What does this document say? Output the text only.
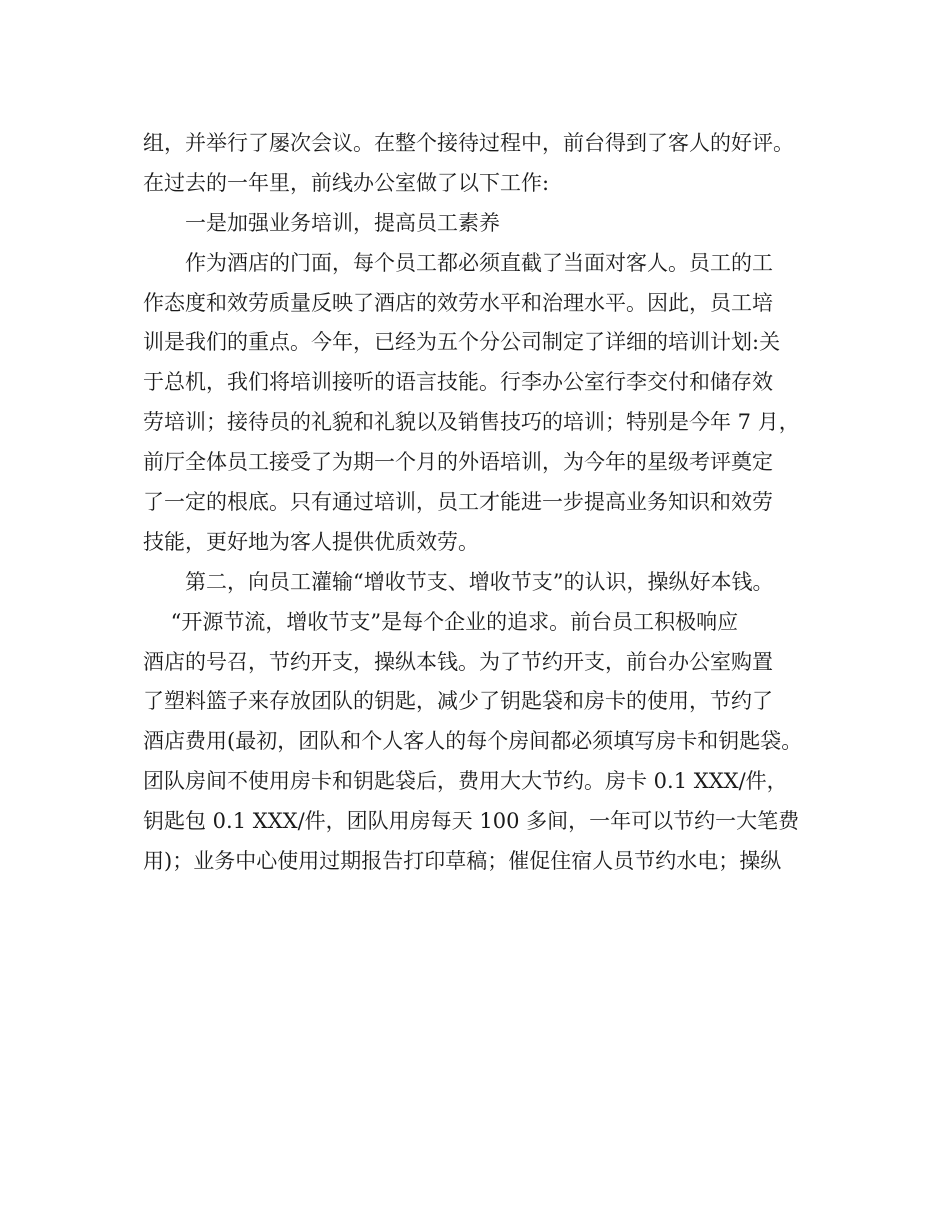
组，并举行了屡次会议。在整个接待过程中，前台得到了客人的好评。
在过去的一年里，前线办公室做了以下工作:
　　一是加强业务培训，提高员工素养
　　作为酒店的门面，每个员工都必须直截了当面对客人。员工的工
作态度和效劳质量反映了酒店的效劳水平和治理水平。因此，员工培
训是我们的重点。今年，已经为五个分公司制定了详细的培训计划:关
于总机，我们将培训接听的语言技能。行李办公室行李交付和储存效
劳培训；接待员的礼貌和礼貌以及销售技巧的培训；特别是今年 7 月，
前厅全体员工接受了为期一个月的外语培训，为今年的星级考评奠定
了一定的根底。只有通过培训，员工才能进一步提高业务知识和效劳
技能，更好地为客人提供优质效劳。
　　第二，向员工灌输“增收节支、增收节支”的认识，操纵好本钱。
　 “开源节流，增收节支”是每个企业的追求。前台员工积极响应
酒店的号召，节约开支，操纵本钱。为了节约开支，前台办公室购置
了塑料篮子来存放团队的钥匙，减少了钥匙袋和房卡的使用，节约了
酒店费用(最初，团队和个人客人的每个房间都必须填写房卡和钥匙袋。
团队房间不使用房卡和钥匙袋后，费用大大节约。房卡 0.1 XXX/件，
钥匙包 0.1 XXX/件，团队用房每天 100 多间，一年可以节约一大笔费
用)；业务中心使用过期报告打印草稿；催促住宿人员节约水电；操纵
